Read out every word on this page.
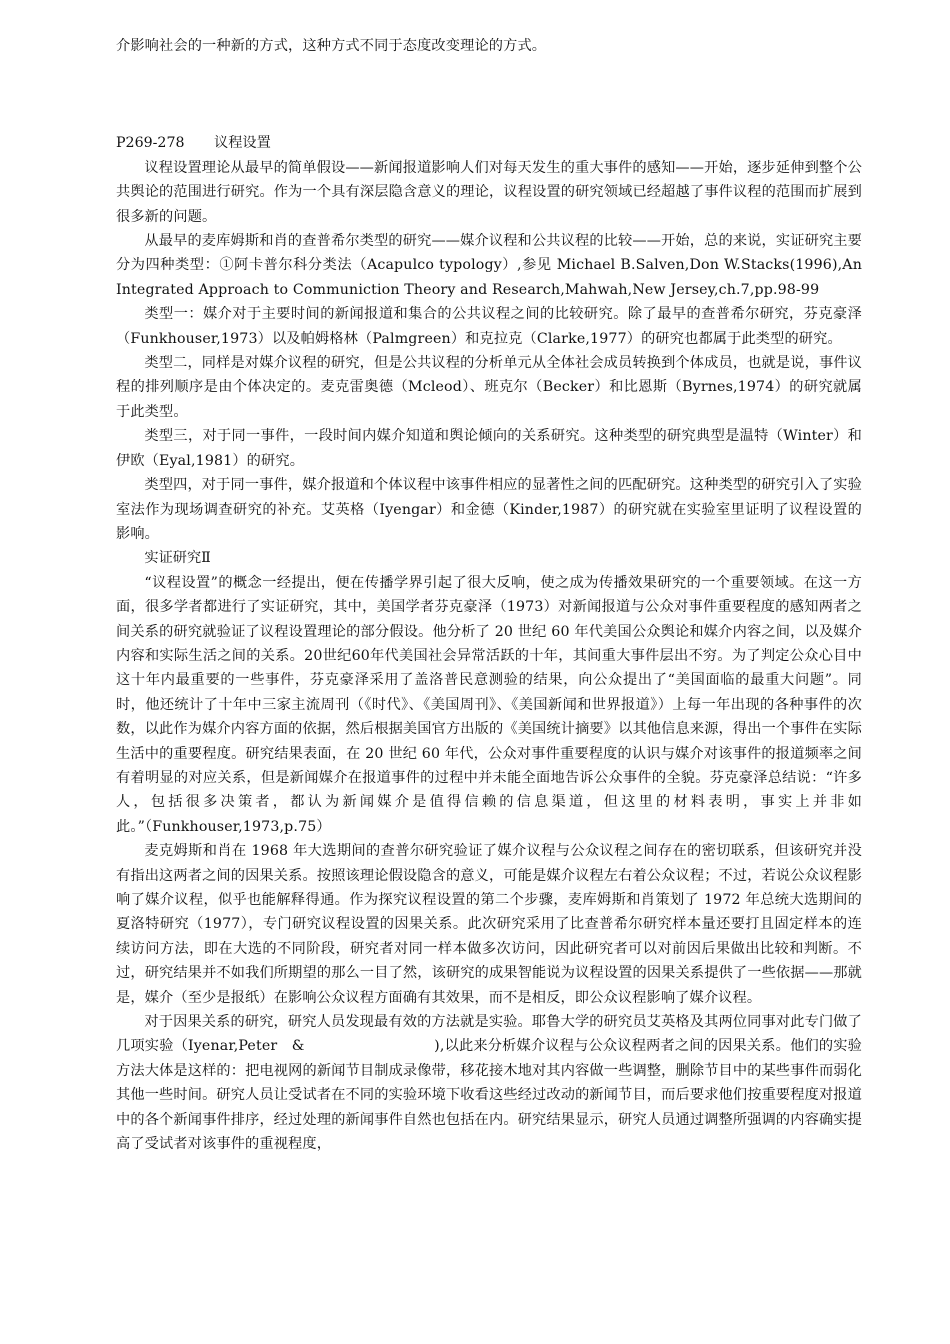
介影响社会的一种新的方式，这种方式不同于态度改变理论的方式。

P269-278 议程设置

议程设置理论从最早的简单假设——新闻报道影响人们对每天发生的重大事件的感知——开始，逐步延伸到整个公共舆论的范围进行研究。作为一个具有深层隐含意义的理论，议程设置的研究领域已经超越了事件议程的范围而扩展到很多新的问题。

从最早的麦库姆斯和肖的查普希尔类型的研究——媒介议程和公共议程的比较——开始，总的来说，实证研究主要分为四种类型：①阿卡普尔科分类法（Acapulco typology）,参见 Michael B.Salven,Don W.Stacks(1996),An Integrated Approach to Communiction Theory and Research,Mahwah,New Jersey,ch.7,pp.98-99

类型一：媒介对于主要时间的新闻报道和集合的公共议程之间的比较研究。除了最早的查普希尔研究，芬克豪泽（Funkhouser,1973）以及帕姆格林（Palmgreen）和克拉克（Clarke,1977）的研究也都属于此类型的研究。

类型二，同样是对媒介议程的研究，但是公共议程的分析单元从全体社会成员转换到个体成员，也就是说，事件议程的排列顺序是由个体决定的。麦克雷奥德（Mcleod）、班克尔（Becker）和比恩斯（Byrnes,1974）的研究就属于此类型。

类型三，对于同一事件，一段时间内媒介知道和舆论倾向的关系研究。这种类型的研究典型是温特（Winter）和伊欧（Eyal,1981）的研究。

类型四，对于同一事件，媒介报道和个体议程中该事件相应的显著性之间的匹配研究。这种类型的研究引入了实验室法作为现场调查研究的补充。艾英格（Iyengar）和金德（Kinder,1987）的研究就在实验室里证明了议程设置的影响。

实证研究Ⅱ

“议程设置”的概念一经提出，便在传播学界引起了很大反响，使之成为传播效果研究的一个重要领域。在这一方面，很多学者都进行了实证研究，其中，美国学者芬克豪泽（1973）对新闻报道与公众对事件重要程度的感知两者之间关系的研究就验证了议程设置理论的部分假设。他分析了 20 世纪 60 年代美国公众舆论和媒介内容之间，以及媒介内容和实际生活之间的关系。20世纪60年代美国社会异常活跃的十年，其间重大事件层出不穷。为了判定公众心目中这十年内最重要的一些事件，芬克豪泽采用了盖洛普民意测验的结果，向公众提出了“美国面临的最重大问题”。同时，他还统计了十年中三家主流周刊（《时代》、《美国周刊》、《美国新闻和世界报道》）上每一年出现的各种事件的次数，以此作为媒介内容方面的依据，然后根据美国官方出版的《美国统计摘要》以其他信息来源，得出一个事件在实际生活中的重要程度。研究结果表面，在 20 世纪 60 年代，公众对事件重要程度的认识与媒介对该事件的报道频率之间有着明显的对应关系，但是新闻媒介在报道事件的过程中并未能全面地告诉公众事件的全貌。芬克豪泽总结说：“许多人，包括很多决策者，都认为新闻媒介是值得信赖的信息渠道，但这里的材料表明，事实上并非如此。”（Funkhouser,1973,p.75）

麦克姆斯和肖在 1968 年大选期间的查普尔研究验证了媒介议程与公众议程之间存在的密切联系，但该研究并没有指出这两者之间的因果关系。按照该理论假设隐含的意义，可能是媒介议程左右着公众议程；不过，若说公众议程影响了媒介议程，似乎也能解释得通。作为探究议程设置的第二个步骤，麦库姆斯和肖策划了 1972 年总统大选期间的夏洛特研究（1977），专门研究议程设置的因果关系。此次研究采用了比查普希尔研究样本量还要打且固定样本的连续访问方法，即在大选的不同阶段，研究者对同一样本做多次访问，因此研究者可以对前因后果做出比较和判断。不过，研究结果并不如我们所期望的那么一目了然，该研究的成果智能说为议程设置的因果关系提供了一些依据——那就是，媒介（至少是报纸）在影响公众议程方面确有其效果，而不是相反，即公众议程影响了媒介议程。

对于因果关系的研究，研究人员发现最有效的方法就是实验。耶鲁大学的研究员艾英格及其两位同事对此专门做了几项实验（Iyenar,Peter　&　　　　　　　　　),以此来分析媒介议程与公众议程两者之间的因果关系。他们的实验方法大体是这样的：把电视网的新闻节目制成录像带，移花接木地对其内容做一些调整，删除节目中的某些事件而弱化其他一些时间。研究人员让受试者在不同的实验环境下收看这些经过改动的新闻节目，而后要求他们按重要程度对报道中的各个新闻事件排序，经过处理的新闻事件自然也包括在内。研究结果显示，研究人员通过调整所强调的内容确实提高了受试者对该事件的重视程度，
